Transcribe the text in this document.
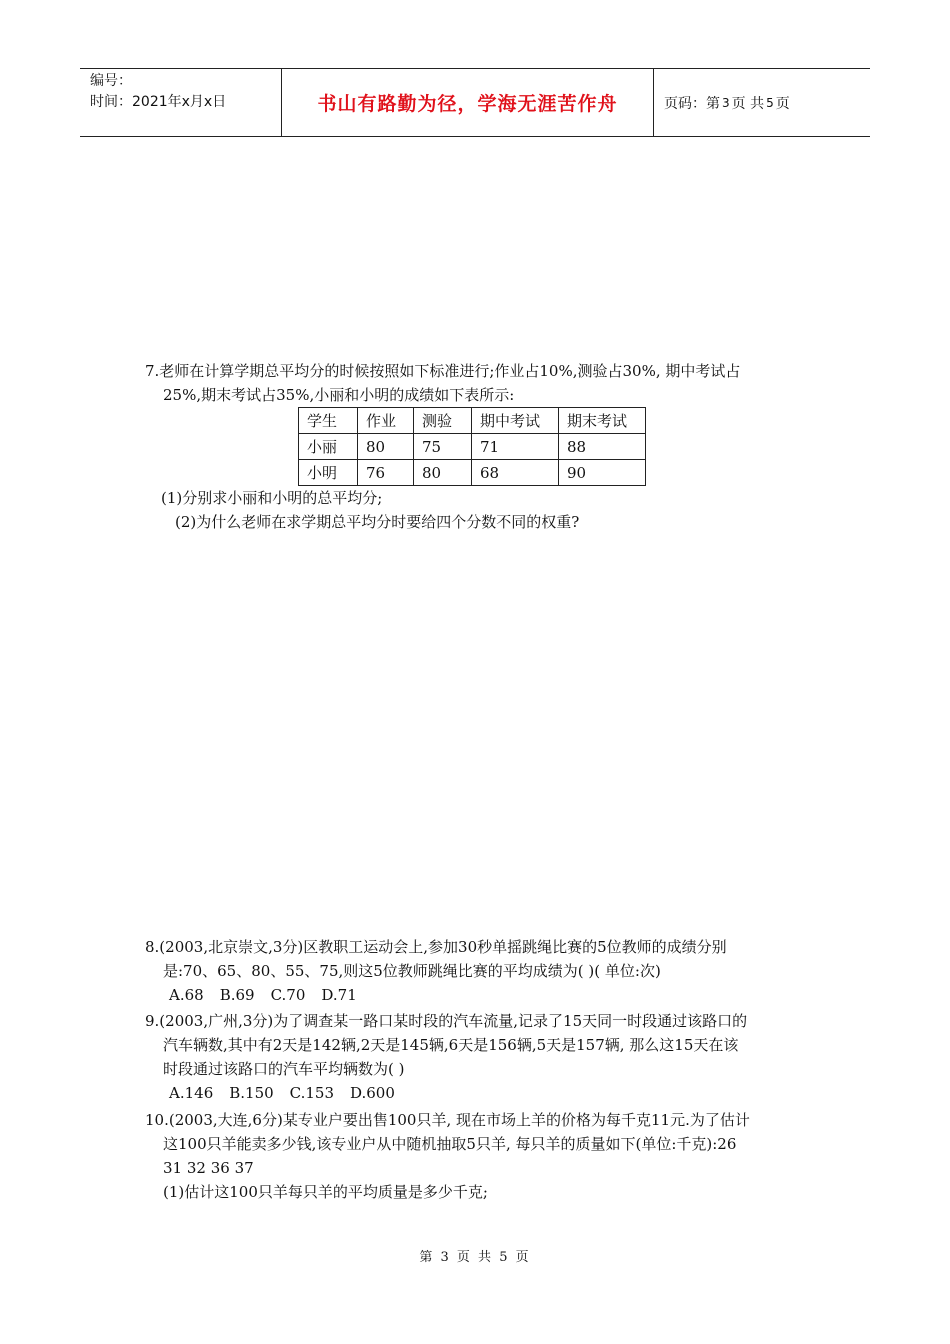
编号：
时间：2021年x月x日	书山有路勤为径，学海无涯苦作舟	页码：第 3 页 共 5 页
7.老师在计算学期总平均分的时候按照如下标准进行;作业占10%,测验占30%, 期中考试占
25%,期末考试占35%,小丽和小明的成绩如下表所示:
学生	作业	测验	期中考试	期末考试
小丽	80	75	71	88
小明	76	80	68	90
(1)分别求小丽和小明的总平均分;
(2)为什么老师在求学期总平均分时要给四个分数不同的权重?
8.(2003,北京崇文,3分)区教职工运动会上,参加30秒单摇跳绳比赛的5位教师的成绩分别
是:70、65、80、55、75,则这5位教师跳绳比赛的平均成绩为( )( 单位:次)
A.68 B.69 C.70 D.71
9.(2003,广州,3分)为了调查某一路口某时段的汽车流量,记录了15天同一时段通过该路口的
汽车辆数,其中有2天是142辆,2天是145辆,6天是156辆,5天是157辆, 那么这15天在该
时段通过该路口的汽车平均辆数为( )
A.146 B.150 C.153 D.600
10.(2003,大连,6分)某专业户要出售100只羊, 现在市场上羊的价格为每千克11元.为了估计
这100只羊能卖多少钱,该专业户从中随机抽取5只羊, 每只羊的质量如下(单位:千克):26
31 32 36 37
(1)估计这100只羊每只羊的平均质量是多少千克;
第 3 页 共 5 页
